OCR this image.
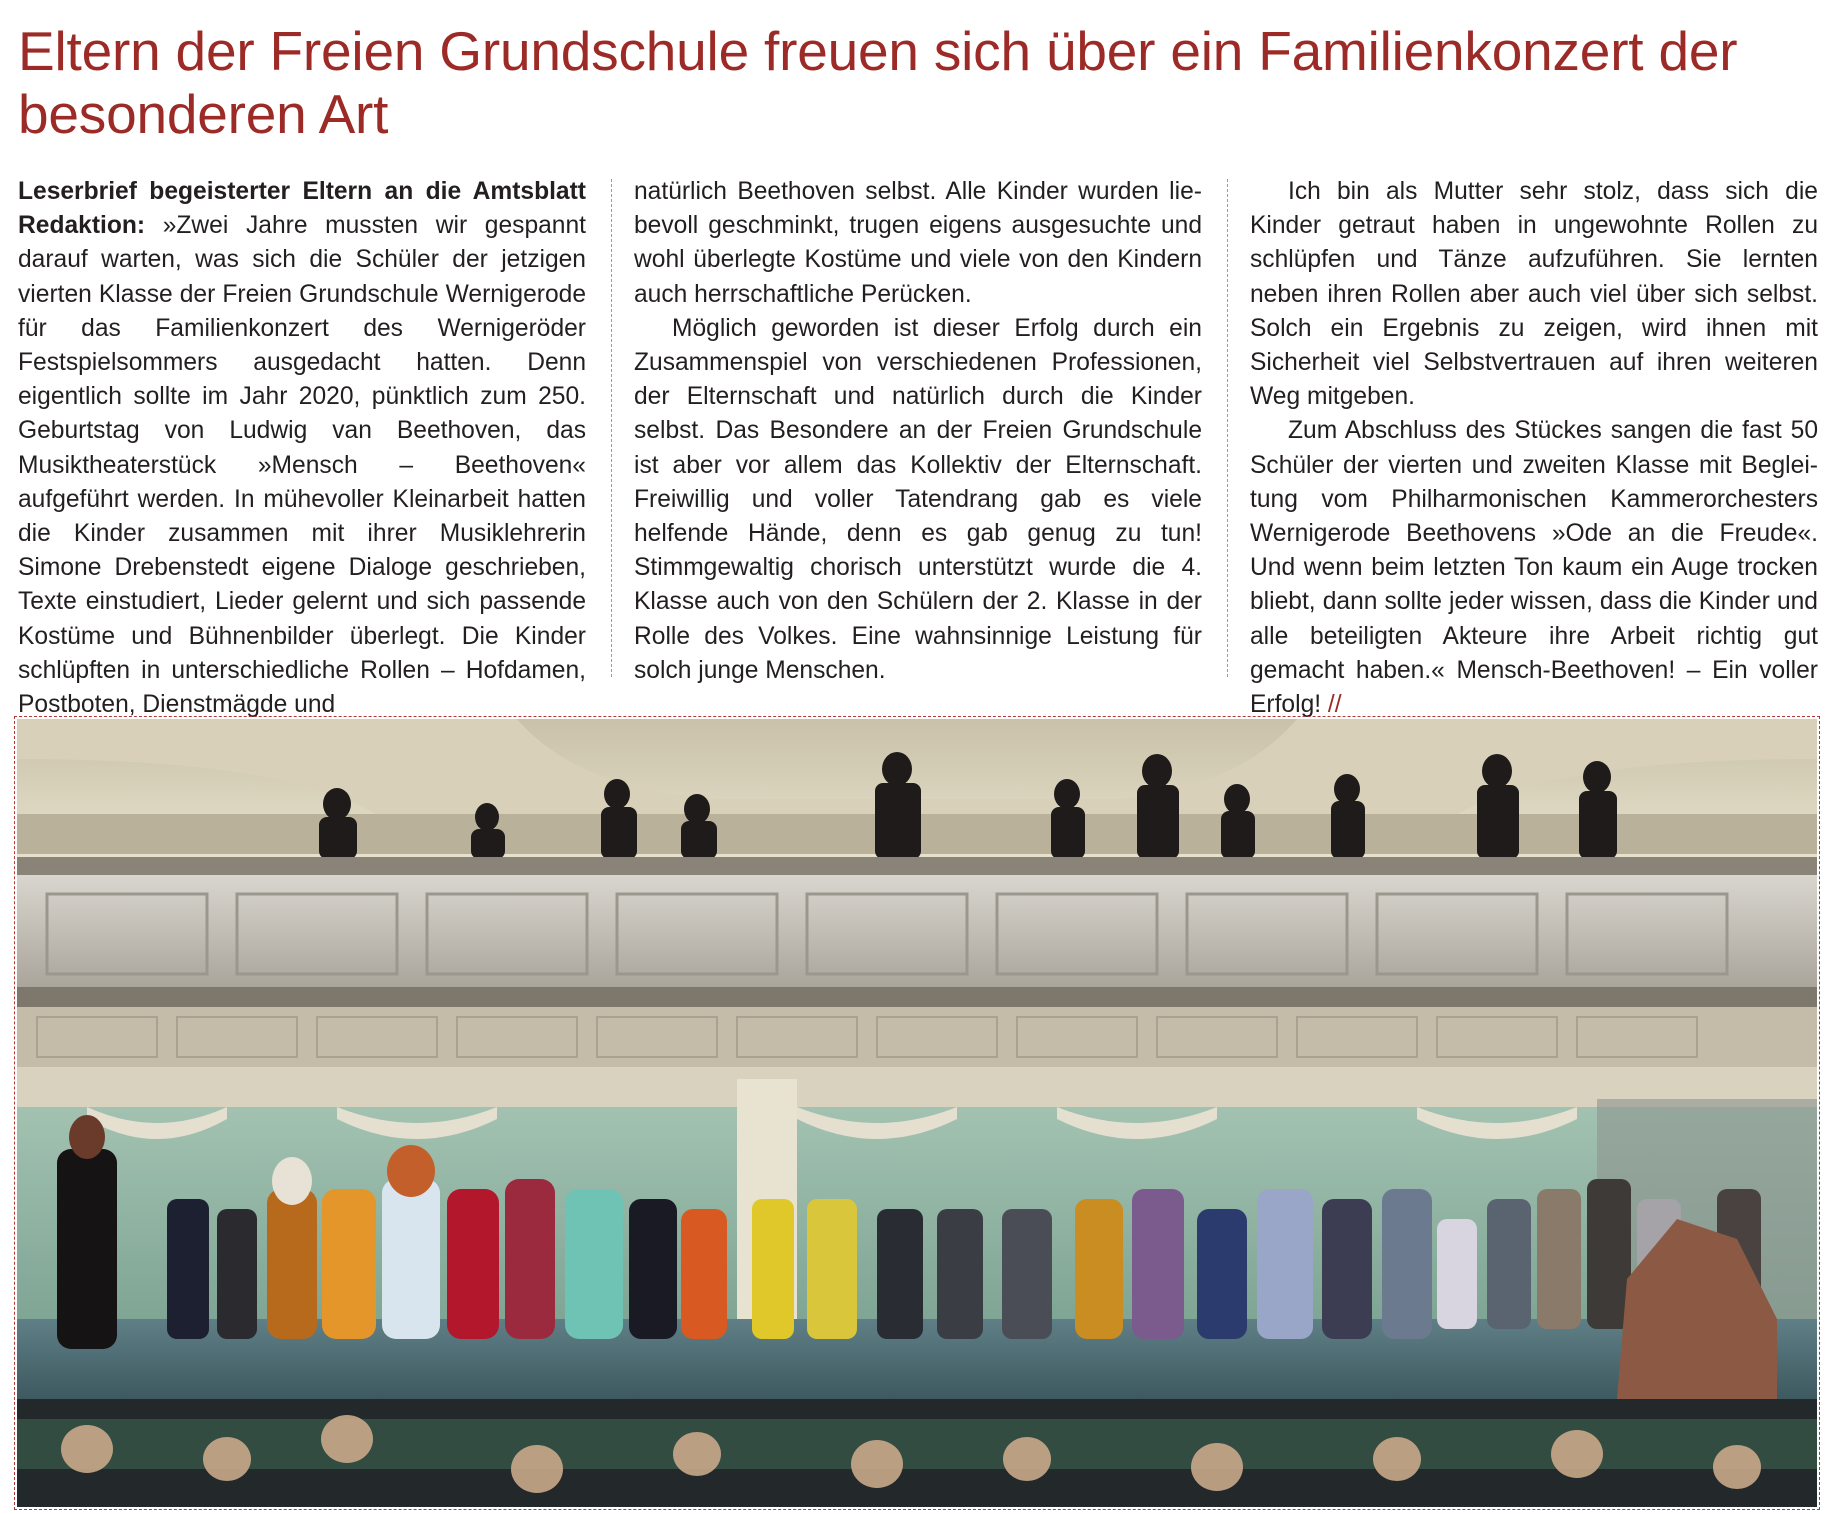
Eltern der Freien Grundschule freuen sich über ein Familienkonzert der besonderen Art

Leserbrief begeisterter Eltern an die Amtsblatt Redaktion: »Zwei Jahre mussten wir gespannt darauf warten, was sich die Schüler der jetzigen vierten Klasse der Freien Grundschule Wernigerode für das Familienkonzert des Wernigeröder Festspielsommers ausgedacht hatten. Denn eigentlich sollte im Jahr 2020, pünktlich zum 250. Geburtstag von Ludwig van Beethoven, das Musiktheaterstück »Mensch – Beethoven« aufgeführt werden. In mühevoller Kleinarbeit hatten die Kinder zusammen mit ihrer Musiklehrerin Simone Drebenstedt eigene Dialoge geschrieben, Texte einstudiert, Lieder gelernt und sich passende Kostüme und Bühnenbilder überlegt. Die Kinder schlüpften in unterschiedliche Rollen – Hofdamen, Postboten, Dienstmägde und

natürlich Beethoven selbst. Alle Kinder wurden liebevoll geschminkt, trugen eigens ausgesuchte und wohl überlegte Kostüme und viele von den Kindern auch herrschaftliche Perücken.

Möglich geworden ist dieser Erfolg durch ein Zusammenspiel von verschiedenen Professionen, der Elternschaft und natürlich durch die Kinder selbst. Das Besondere an der Freien Grundschule ist aber vor allem das Kollektiv der Elternschaft. Freiwillig und voller Tatendrang gab es viele helfende Hände, denn es gab genug zu tun! Stimmgewaltig chorisch unterstützt wurde die 4. Klasse auch von den Schülern der 2. Klasse in der Rolle des Volkes. Eine wahnsinnige Leistung für solch junge Menschen.

Ich bin als Mutter sehr stolz, dass sich die Kinder getraut haben in ungewohnte Rollen zu schlüpfen und Tänze aufzuführen. Sie lernten neben ihren Rollen aber auch viel über sich selbst. Solch ein Ergebnis zu zeigen, wird ihnen mit Sicherheit viel Selbstvertrauen auf ihren weiteren Weg mitgeben.

Zum Abschluss des Stückes sangen die fast 50 Schüler der vierten und zweiten Klasse mit Begleitung vom Philharmonischen Kammerorchesters Wernigerode Beethovens »Ode an die Freude«. Und wenn beim letzten Ton kaum ein Auge trocken bliebt, dann sollte jeder wissen, dass die Kinder und alle beteiligten Akteure ihre Arbeit richtig gut gemacht haben.« Mensch-Beethoven! – Ein voller Erfolg! //
